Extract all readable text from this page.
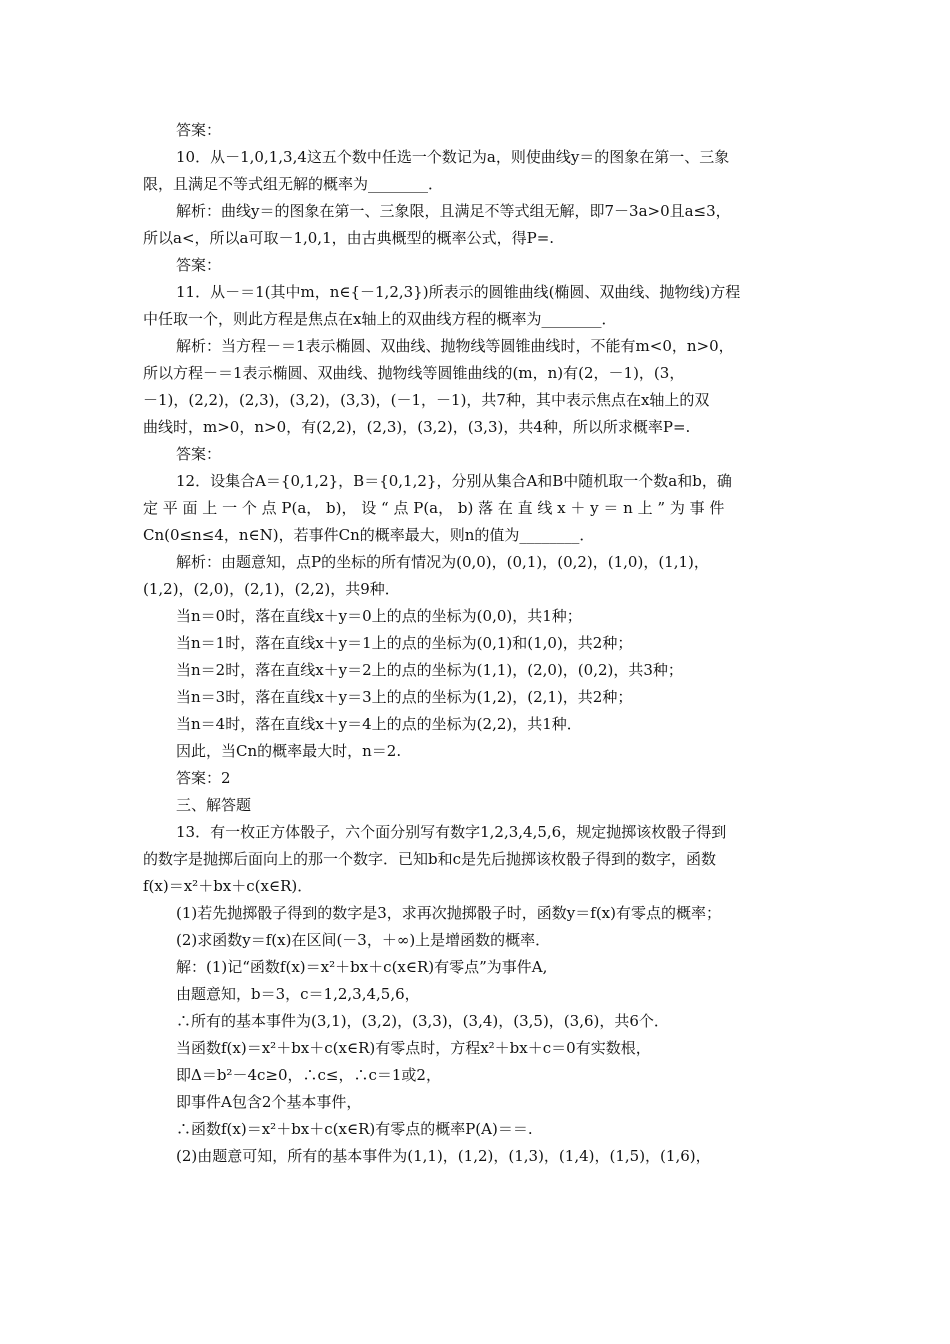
答案：
10．从－1,0,1,3,4这五个数中任选一个数记为a，则使曲线y＝的图象在第一、三象
限，且满足不等式组无解的概率为________．
解析：曲线y＝的图象在第一、三象限，且满足不等式组无解，即7－3a>0且a≤3，
所以a<，所以a可取－1,0,1，由古典概型的概率公式，得P=.
答案：
11．从－＝1(其中m，n∈{－1,2,3})所表示的圆锥曲线(椭圆、双曲线、抛物线)方程
中任取一个，则此方程是焦点在x轴上的双曲线方程的概率为________．
解析：当方程－＝1表示椭圆、双曲线、抛物线等圆锥曲线时，不能有m<0，n>0，
所以方程－＝1表示椭圆、双曲线、抛物线等圆锥曲线的(m，n)有(2，－1)，(3，
－1)，(2,2)，(2,3)，(3,2)，(3,3)，(－1，－1)，共7种，其中表示焦点在x轴上的双
曲线时，m>0，n>0，有(2,2)，(2,3)，(3,2)，(3,3)，共4种，所以所求概率P=.
答案：
12．设集合A＝{0,1,2}，B＝{0,1,2}，分别从集合A和B中随机取一个数a和b，确
定 平 面 上 一 个 点 P(a， b)， 设 “ 点 P(a， b) 落 在 直 线 x ＋ y ＝ n 上 ” 为 事 件
Cn(0≤n≤4，n∈N)，若事件Cn的概率最大，则n的值为________．
解析：由题意知，点P的坐标的所有情况为(0,0)，(0,1)，(0,2)，(1,0)，(1,1)，
(1,2)，(2,0)，(2,1)，(2,2)，共9种．
当n＝0时，落在直线x＋y＝0上的点的坐标为(0,0)，共1种；
当n＝1时，落在直线x＋y＝1上的点的坐标为(0,1)和(1,0)，共2种；
当n＝2时，落在直线x＋y＝2上的点的坐标为(1,1)，(2,0)，(0,2)，共3种；
当n＝3时，落在直线x＋y＝3上的点的坐标为(1,2)，(2,1)，共2种；
当n＝4时，落在直线x＋y＝4上的点的坐标为(2,2)，共1种．
因此，当Cn的概率最大时，n＝2.
答案：2
三、解答题
13．有一枚正方体骰子，六个面分别写有数字1,2,3,4,5,6，规定抛掷该枚骰子得到
的数字是抛掷后面向上的那一个数字．已知b和c是先后抛掷该枚骰子得到的数字，函数
f(x)＝x²＋bx＋c(x∈R)．
(1)若先抛掷骰子得到的数字是3，求再次抛掷骰子时，函数y＝f(x)有零点的概率；
(2)求函数y＝f(x)在区间(－3，＋∞)上是增函数的概率．
解：(1)记“函数f(x)＝x²＋bx＋c(x∈R)有零点”为事件A,
由题意知，b＝3，c＝1,2,3,4,5,6，
∴所有的基本事件为(3,1)，(3,2)，(3,3)，(3,4)，(3,5)，(3,6)，共6个．
当函数f(x)＝x²＋bx＋c(x∈R)有零点时，方程x²＋bx＋c＝0有实数根，
即Δ＝b²－4c≥0，∴c≤，∴c＝1或2，
即事件A包含2个基本事件，
∴函数f(x)＝x²＋bx＋c(x∈R)有零点的概率P(A)＝＝.
(2)由题意可知，所有的基本事件为(1,1)，(1,2)，(1,3)，(1,4)，(1,5)，(1,6)，
